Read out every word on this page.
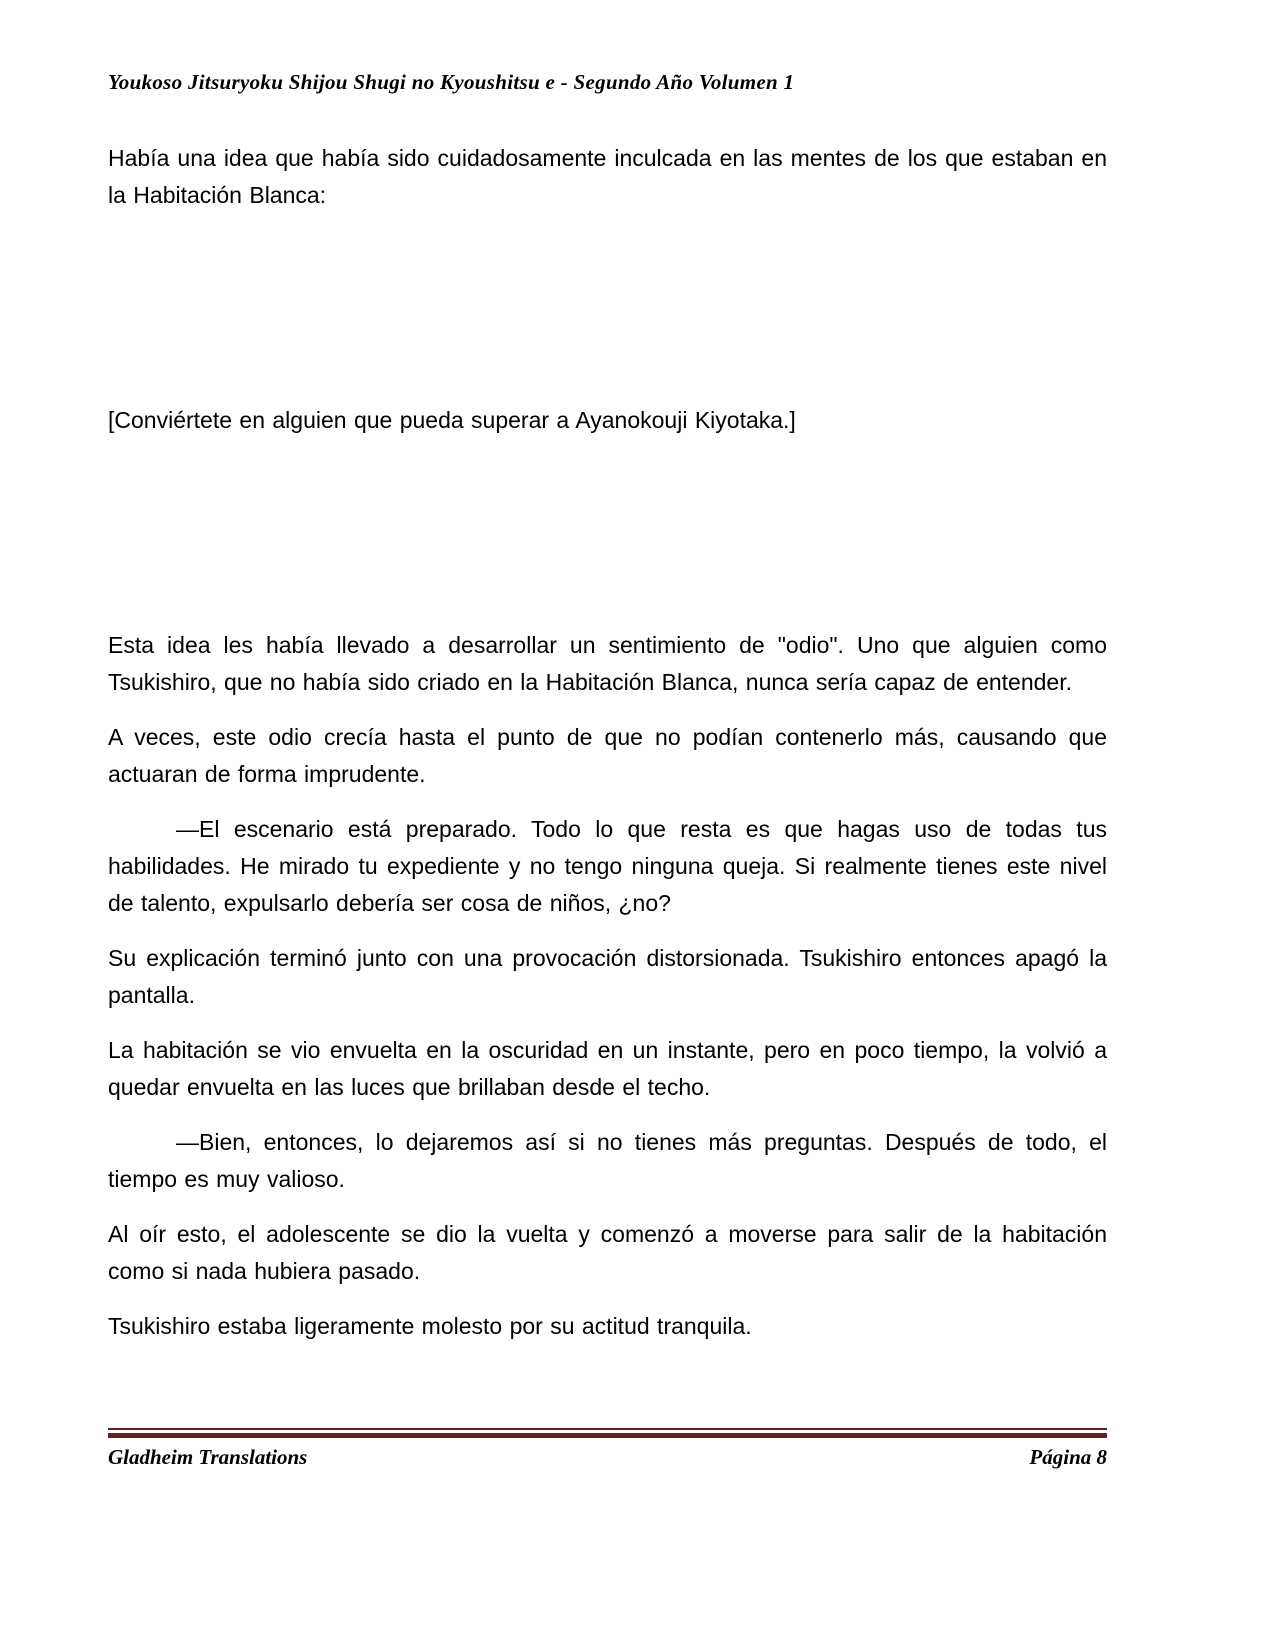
Youkoso Jitsuryoku Shijou Shugi no Kyoushitsu e - Segundo Año Volumen 1

Había una idea que había sido cuidadosamente inculcada en las mentes de los que estaban en la Habitación Blanca:

[Conviértete en alguien que pueda superar a Ayanokouji Kiyotaka.]

Esta idea les había llevado a desarrollar un sentimiento de "odio". Uno que alguien como Tsukishiro, que no había sido criado en la Habitación Blanca, nunca sería capaz de entender.

A veces, este odio crecía hasta el punto de que no podían contenerlo más, causando que actuaran de forma imprudente.

—El escenario está preparado. Todo lo que resta es que hagas uso de todas tus habilidades. He mirado tu expediente y no tengo ninguna queja. Si realmente tienes este nivel de talento, expulsarlo debería ser cosa de niños, ¿no?

Su explicación terminó junto con una provocación distorsionada. Tsukishiro entonces apagó la pantalla.

La habitación se vio envuelta en la oscuridad en un instante, pero en poco tiempo, la volvió a quedar envuelta en las luces que brillaban desde el techo.

—Bien, entonces, lo dejaremos así si no tienes más preguntas. Después de todo, el tiempo es muy valioso.

Al oír esto, el adolescente se dio la vuelta y comenzó a moverse para salir de la habitación como si nada hubiera pasado.

Tsukishiro estaba ligeramente molesto por su actitud tranquila.

Gladheim Translations	Página 8
